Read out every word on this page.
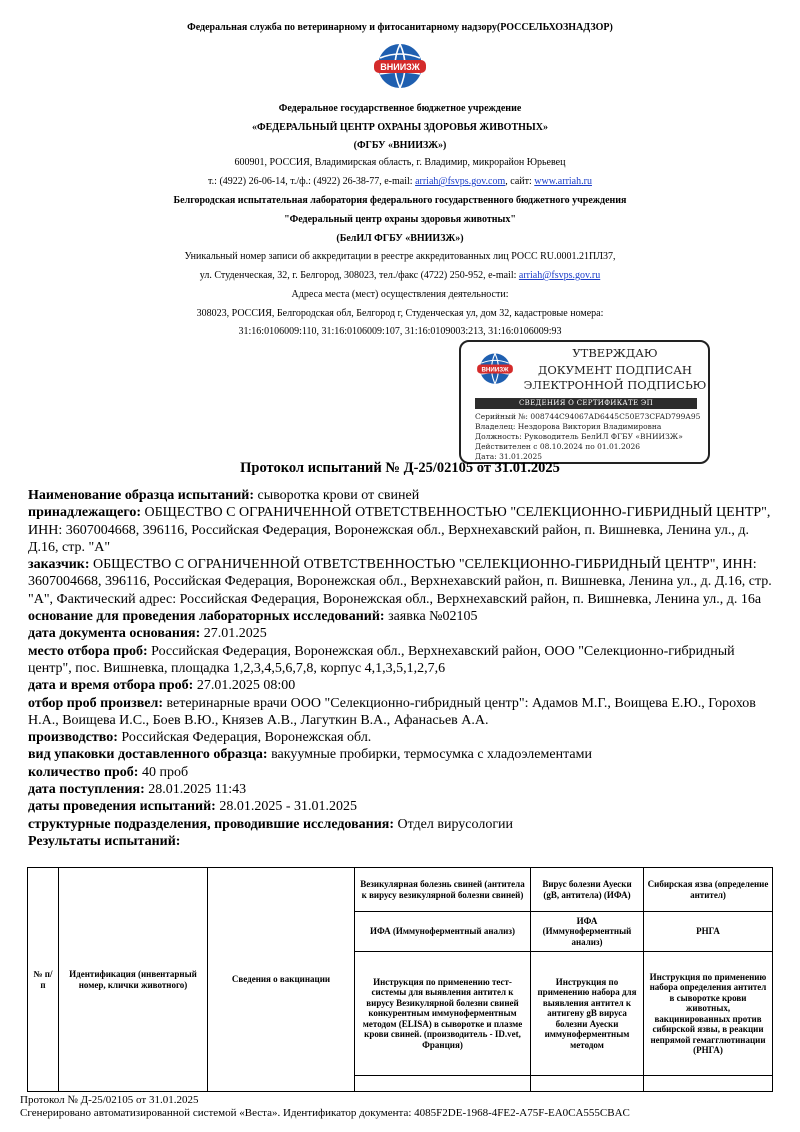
Федеральная служба по ветеринарному и фитосанитарному надзору(РОССЕЛЬХОЗНАДЗОР)
ВНИИЗЖ
Федеральное государственное бюджетное учреждение
«ФЕДЕРАЛЬНЫЙ ЦЕНТР ОХРАНЫ ЗДОРОВЬЯ ЖИВОТНЫХ»
(ФГБУ «ВНИИЗЖ»)
600901, РОССИЯ, Владимирская область, г. Владимир, микрорайон Юрьевец
т.: (4922) 26-06-14, т./ф.: (4922) 26-38-77, e-mail: arriah@fsvps.gov.com, сайт: www.arriah.ru
Белгородская испытательная лаборатория федерального государственного бюджетного учреждения
"Федеральный центр охраны здоровья животных"
(БелИЛ ФГБУ «ВНИИЗЖ»)
Уникальный номер записи об аккредитации в реестре аккредитованных лиц РОСС RU.0001.21ПЛ37,
ул. Студенческая, 32, г. Белгород, 308023, тел./факс (4722) 250-952, e-mail: arriah@fsvps.gov.ru
Адреса места (мест) осуществления деятельности:
308023, РОССИЯ, Белгородская обл, Белгород г, Студенческая ул, дом 32, кадастровые номера:
31:16:0106009:110, 31:16:0106009:107, 31:16:0109003:213, 31:16:0106009:93
ВНИИЗЖ
УТВЕРЖДАЮ
ДОКУМЕНТ ПОДПИСАН
ЭЛЕКТРОННОЙ ПОДПИСЬЮ
СВЕДЕНИЯ О СЕРТИФИКАТЕ ЭП
Серийный №: 008744C94067AD6445C50E73CFAD799A95
Владелец: Нездорова Виктория Владимировна
Должность: Руководитель БелИЛ ФГБУ «ВНИИЗЖ»
Действителен с 08.10.2024 по 01.01.2026
Дата: 31.01.2025
Протокол испытаний № Д-25/02105 от 31.01.2025

Наименование образца испытаний: сыворотка крови от свиней

принадлежащего: ОБЩЕСТВО С ОГРАНИЧЕННОЙ ОТВЕТСТВЕННОСТЬЮ "СЕЛЕКЦИОННО-ГИБРИДНЫЙ ЦЕНТР", ИНН: 3607004668, 396116, Российская Федерация, Воронежская обл., Верхнехавский район, п. Вишневка, Ленина ул., д. Д.16, стр. "А"

заказчик: ОБЩЕСТВО С ОГРАНИЧЕННОЙ ОТВЕТСТВЕННОСТЬЮ "СЕЛЕКЦИОННО-ГИБРИДНЫЙ ЦЕНТР", ИНН: 3607004668, 396116, Российская Федерация, Воронежская обл., Верхнехавский район, п. Вишневка, Ленина ул., д. Д.16, стр. "А", Фактический адрес: Российская Федерация, Воронежская обл., Верхнехавский район, п. Вишневка, Ленина ул., д. 16а

основание для проведения лабораторных исследований: заявка №02105

дата документа основания: 27.01.2025

место отбора проб: Российская Федерация, Воронежская обл., Верхнехавский район, ООО "Селекционно-гибридный центр", пос. Вишневка, площадка 1,2,3,4,5,6,7,8, корпус 4,1,3,5,1,2,7,6

дата и время отбора проб: 27.01.2025 08:00

отбор проб произвел: ветеринарные врачи ООО "Селекционно-гибридный центр": Адамов М.Г., Воищева Е.Ю., Горохов Н.А., Воищева И.С., Боев В.Ю., Князев А.В., Лагуткин В.А., Афанасьев А.А.

производство: Российская Федерация, Воронежская обл.

вид упаковки доставленного образца: вакуумные пробирки, термосумка с хладоэлементами

количество проб: 40 проб

дата поступления: 28.01.2025 11:43

даты проведения испытаний: 28.01.2025 - 31.01.2025

структурные подразделения, проводившие исследования: Отдел вирусологии

Результаты испытаний:

№ п/п	Идентификация (инвентарный номер, клички животного)	Сведения о вакцинации	Везикулярная болезнь свиней (антитела к вирусу везикулярной болезни свиней)	Вирус болезни Ауески (gB, антитела) (ИФА)	Сибирская язва (определение антител)
			ИФА (Иммуноферментный анализ)	ИФА (Иммуноферментный анализ)	РНГА
			Инструкция по применению тест-системы для выявления антител к вирусу Везикулярной болезни свиней конкурентным иммуноферментным методом (ELISA) в сыворотке и плазме крови свиней. (производитель - ID.vet, Франция)	Инструкция по применению набора для выявления антител к антигену gB вируса болезни Ауески иммуноферментным методом	Инструкция по применению набора определения антител в сыворотке крови животных, вакцинированных против сибирской язвы, в реакции непрямой гемагглютинации (РНГА)

Протокол № Д-25/02105 от 31.01.2025
Сгенерировано автоматизированной системой «Веста». Идентификатор документа: 4085F2DE-1968-4FE2-A75F-EA0CA555CBAC
